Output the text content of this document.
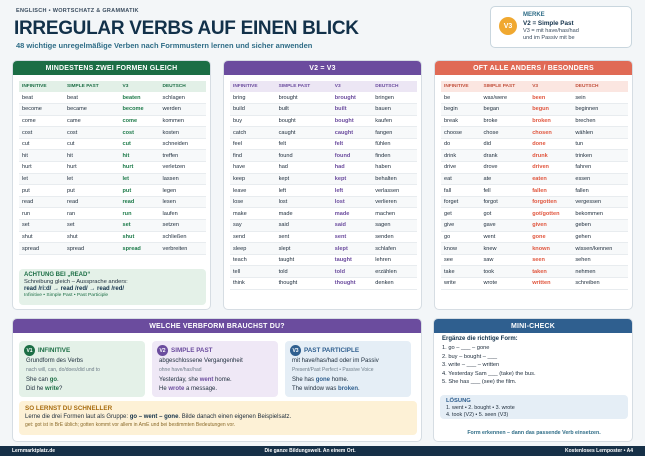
ENGLISCH • WORTSCHATZ & GRAMMATIK
IRREGULAR VERBS AUF EINEN BLICK
48 wichtige unregelmäßige Verben nach Formmustern lernen und sicher anwenden
V3
MERKE
V2 = Simple Past
V3 = mit have/has/had
und im Passiv mit be
MINDESTENS ZWEI FORMEN GLEICH
INFINITIVE	SIMPLE PAST	V3	DEUTSCH
beat	beat	beaten	schlagen
become	became	become	werden
come	came	come	kommen
cost	cost	cost	kosten
cut	cut	cut	schneiden
hit	hit	hit	treffen
hurt	hurt	hurt	verletzen
let	let	let	lassen
put	put	put	legen
read	read	read	lesen
run	ran	run	laufen
set	set	set	setzen
shut	shut	shut	schließen
spread	spread	spread	verbreiten
ACHTUNG BEI „READ“
Schreibung gleich – Aussprache anders:
read /ri:d/ → read /red/ → read /red/
Infinitive • Simple Past • Past Participle
V2 = V3
INFINITIVE	SIMPLE PAST	V3	DEUTSCH
bring	brought	brought	bringen
build	built	built	bauen
buy	bought	bought	kaufen
catch	caught	caught	fangen
feel	felt	felt	fühlen
find	found	found	finden
have	had	had	haben
keep	kept	kept	behalten
leave	left	left	verlassen
lose	lost	lost	verlieren
make	made	made	machen
say	said	said	sagen
send	sent	sent	senden
sleep	slept	slept	schlafen
teach	taught	taught	lehren
tell	told	told	erzählen
think	thought	thought	denken
OFT ALLE ANDERS / BESONDERS
INFINITIVE	SIMPLE PAST	V3	DEUTSCH
be	was/were	been	sein
begin	began	begun	beginnen
break	broke	broken	brechen
choose	chose	chosen	wählen
do	did	done	tun
drink	drank	drunk	trinken
drive	drove	driven	fahren
eat	ate	eaten	essen
fall	fell	fallen	fallen
forget	forgot	forgotten	vergessen
get	got	got/gotten	bekommen
give	gave	given	geben
go	went	gone	gehen
know	knew	known	wissen/kennen
see	saw	seen	sehen
take	took	taken	nehmen
write	wrote	written	schreiben
WELCHE VERBFORM BRAUCHST DU?
V1 INFINITIVE
Grundform des Verbs
nach will, can, do/does/did und to
She can go.
Did he write?
V2 SIMPLE PAST
abgeschlossene Vergangenheit
ohne have/has/had
Yesterday, she went home.
He wrote a message.
V3 PAST PARTICIPLE
mit have/has/had oder im Passiv
Present/Past Perfect • Passive Voice
She has gone home.
The window was broken.
SO LERNST DU SCHNELLER
Lerne die drei Formen laut als Gruppe: go – went – gone. Bilde danach einen eigenen Beispielsatz.
get: got ist in BrE üblich; gotten kommt vor allem in AmE und bei bestimmten Bedeutungen vor.
MINI-CHECK
Ergänze die richtige Form:
1. go – ___ – gone
2. buy – bought – ___
3. write – ___ – written
4. Yesterday Sam ___ (take) the bus.
5. She has ___ (see) the film.
LÖSUNG
1. went • 2. bought • 3. wrote
4. took (V2) • 5. seen (V3)
Form erkennen – dann das passende Verb einsetzen.
Lernmarktplatz.de	Die ganze Bildungswelt. An einem Ort.	Kostenloses Lernposter • A4
